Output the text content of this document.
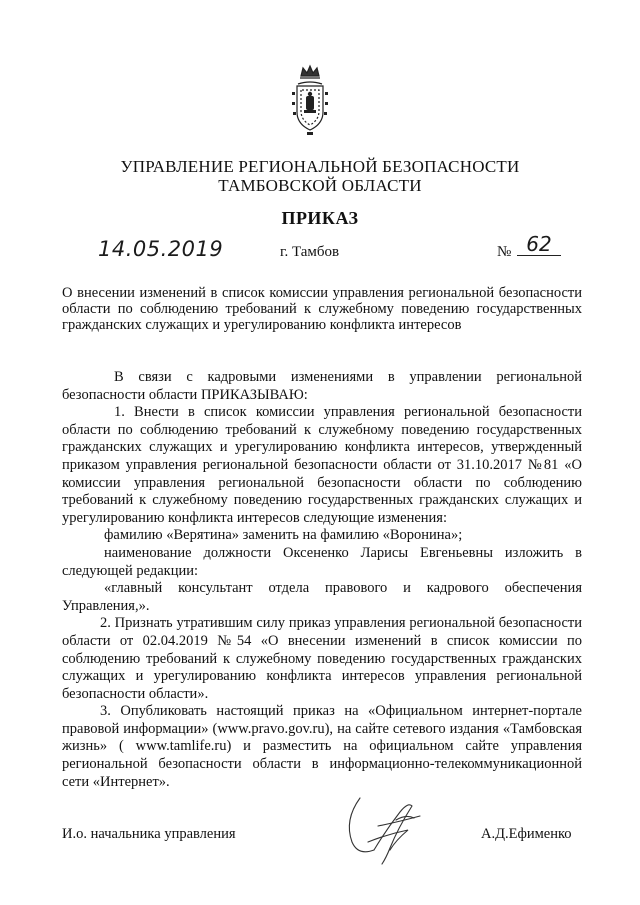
УПРАВЛЕНИЕ РЕГИОНАЛЬНОЙ БЕЗОПАСНОСТИ
ТАМБОВСКОЙ ОБЛАСТИ
ПРИКАЗ
14.05.2019	г. Тамбов	№ 62
О внесении изменений в список комиссии управления региональной безопасности области по соблюдению требований к служебному поведению государственных гражданских служащих и урегулированию конфликта интересов

В связи с кадровыми изменениями в управлении региональной безопасности области ПРИКАЗЫВАЮ:

1. Внести в список комиссии управления региональной безопасности области по соблюдению требований к служебному поведению государственных гражданских служащих и урегулированию конфликта интересов, утвержденный приказом управления региональной безопасности области от 31.10.2017 №81 «О комиссии управления региональной безопасности области по соблюдению требований к служебному поведению государственных гражданских служащих и урегулированию конфликта интересов следующие изменения:

фамилию «Верятина» заменить на фамилию «Воронина»;

наименование должности Оксененко Ларисы Евгеньевны изложить в следующей редакции:

«главный консультант отдела правового и кадрового обеспечения Управления,».

2. Признать утратившим силу приказ управления региональной безопасности области от 02.04.2019 №54 «О внесении изменений в список комиссии по соблюдению требований к служебному поведению государственных гражданских служащих и урегулированию конфликта интересов управления региональной безопасности области».

3. Опубликовать настоящий приказ на «Официальном интернет-портале правовой информации» (www.pravo.gov.ru), на сайте сетевого издания «Тамбовская жизнь» ( www.tamlife.ru) и разместить на официальном сайте управления региональной безопасности области в информационно-телекоммуникационной сети «Интернет».

И.о. начальника управления	А.Д.Ефименко
